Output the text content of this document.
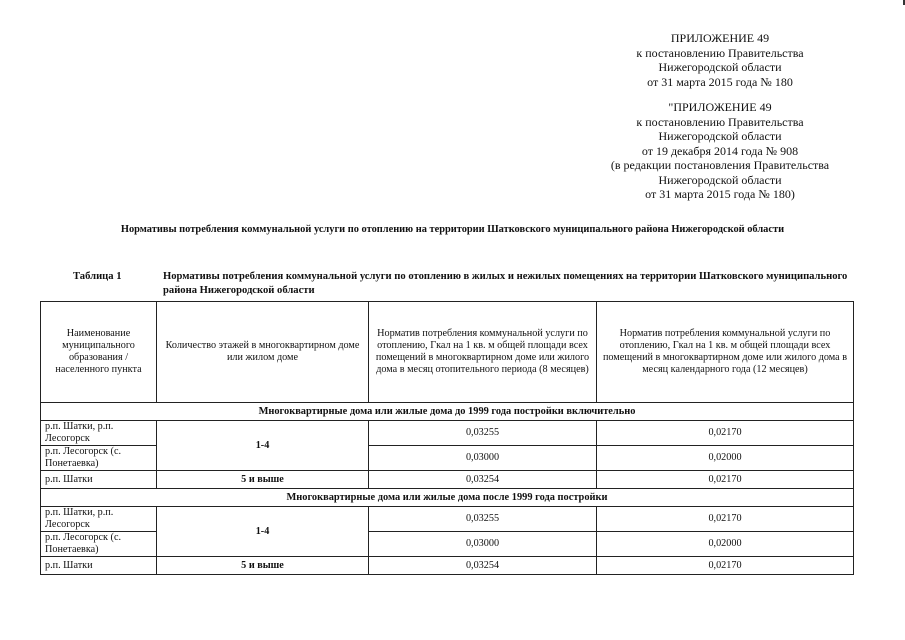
ПРИЛОЖЕНИЕ 49
к постановлению Правительства
Нижегородской области
от 31 марта 2015 года № 180
"ПРИЛОЖЕНИЕ 49
к постановлению Правительства
Нижегородской области
от 19 декабря 2014 года № 908
(в редакции постановления Правительства
Нижегородской области
от 31 марта 2015 года № 180)
Нормативы потребления коммунальной услуги по отоплению на территории Шатковского муниципального района Нижегородской области
Таблица 1	Нормативы потребления коммунальной услуги по отоплению в жилых и нежилых помещениях на территории Шатковского муниципального района Нижегородской области
Наименование муниципального образования / населенного пункта	Количество этажей в многоквартирном доме или жилом доме	Норматив потребления коммунальной услуги по отоплению, Гкал на 1 кв. м общей площади всех помещений в многоквартирном доме или жилого дома в месяц отопительного периода (8 месяцев)	Норматив потребления коммунальной услуги по отоплению, Гкал на 1 кв. м общей площади всех помещений в многоквартирном доме или жилого дома в месяц календарного года (12 месяцев)
Многоквартирные дома или жилые дома до 1999 года постройки включительно			
р.п. Шатки, р.п. Лесогорск	1-4	0,03255	0,02170
р.п. Лесогорск (с. Понетаевка)		0,03000	0,02000
р.п. Шатки	5 и выше	0,03254	0,02170
Многоквартирные дома или жилые дома после 1999 года постройки			
р.п. Шатки, р.п. Лесогорск	1-4	0,03255	0,02170
р.п. Лесогорск (с. Понетаевка)		0,03000	0,02000
р.п. Шатки	5 и выше	0,03254	0,02170
